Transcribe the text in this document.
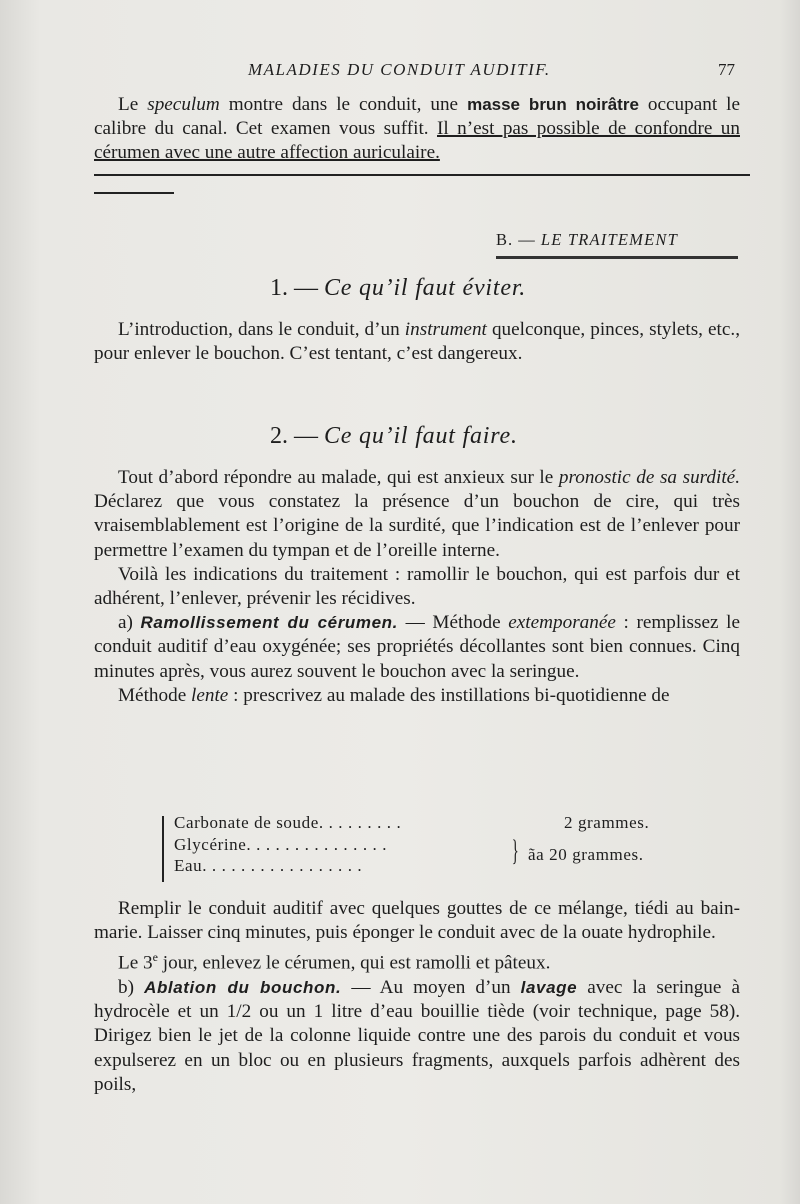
MALADIES DU CONDUIT AUDITIF.	77

Le speculum montre dans le conduit, une masse brun noirâtre occupant le calibre du canal. Cet examen vous suffit. Il n’est pas possible de confondre un cérumen avec une autre affection auriculaire.

B. — LE TRAITEMENT
1. — Ce qu’il faut éviter.

L’introduction, dans le conduit, d’un instrument quelconque, pinces, stylets, etc., pour enlever le bouchon. C’est tentant, c’est dangereux.

2. — Ce qu’il faut faire.

Tout d’abord répondre au malade, qui est anxieux sur le pronostic de sa surdité. Déclarez que vous constatez la présence d’un bouchon de cire, qui très vraisemblablement est l’origine de la surdité, que l’indication est de l’enlever pour permettre l’examen du tympan et de l’oreille interne.

Voilà les indications du traitement : ramollir le bouchon, qui est parfois dur et adhérent, l’enlever, prévenir les récidives.

a) Ramollissement du cérumen. — Méthode extemporanée : remplissez le conduit auditif d’eau oxygénée; ses propriétés décollantes sont bien connues. Cinq minutes après, vous aurez souvent le bouchon avec la seringue.

Méthode lente : prescrivez au malade des instillations bi-quotidienne de

Carbonate de soude. . . . . . . . .	2 grammes.
Glycérine. . . . . . . . . . . . . . .
Eau. . . . . . . . . . . . . . . . .	} ãa 20 grammes.

Remplir le conduit auditif avec quelques gouttes de ce mélange, tiédi au bain-marie. Laisser cinq minutes, puis éponger le conduit avec de la ouate hydrophile.

Le 3e jour, enlevez le cérumen, qui est ramolli et pâteux.

b) Ablation du bouchon. — Au moyen d’un lavage avec la seringue à hydrocèle et un 1/2 ou un 1 litre d’eau bouillie tiède (voir technique, page 58). Dirigez bien le jet de la colonne liquide contre une des parois du conduit et vous expulserez en un bloc ou en plusieurs fragments, auxquels parfois adhèrent des poils,
